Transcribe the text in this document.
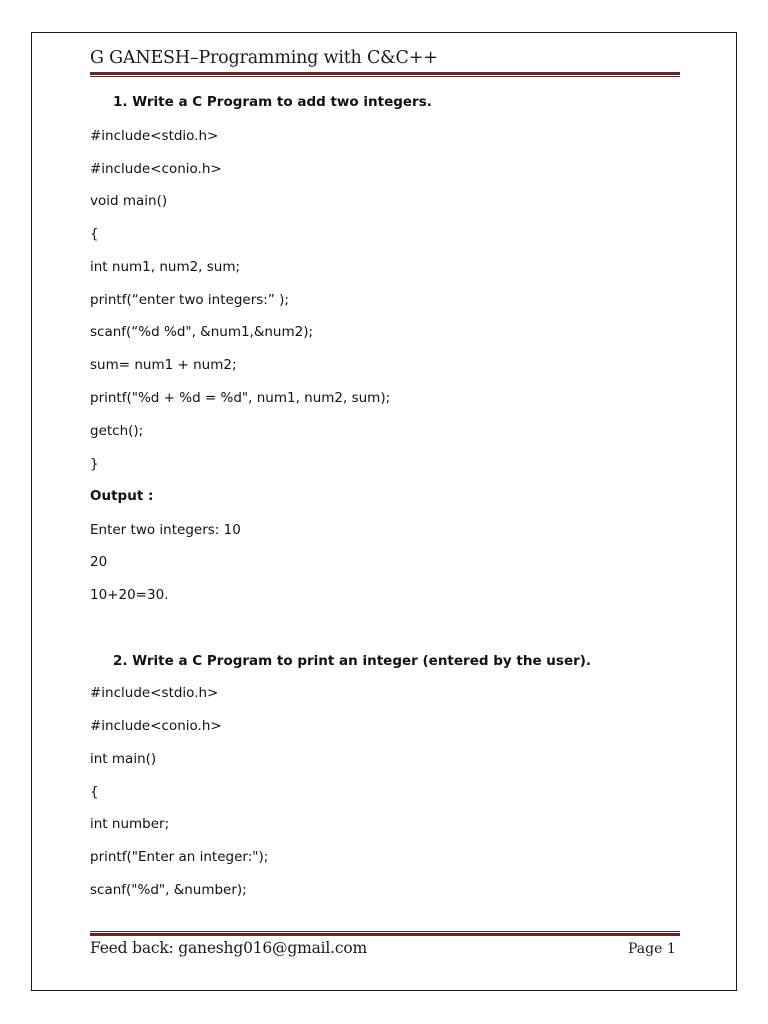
G GANESH–Programming with C&C++
1. Write a C Program to add two integers.
#include<stdio.h>
#include<conio.h>
void main()
{
int num1, num2, sum;
printf(“enter two integers:” );
scanf(“%d %d", &num1,&num2);
sum= num1 + num2;
printf("%d + %d = %d", num1, num2, sum);
getch();
}
Output :
Enter two integers: 10
20
10+20=30.
2. Write a C Program to print an integer (entered by the user).
#include<stdio.h>
#include<conio.h>
int main()
{
int number;
printf("Enter an integer:");
scanf("%d", &number);
Feed back: ganeshg016@gmail.com	Page 1
